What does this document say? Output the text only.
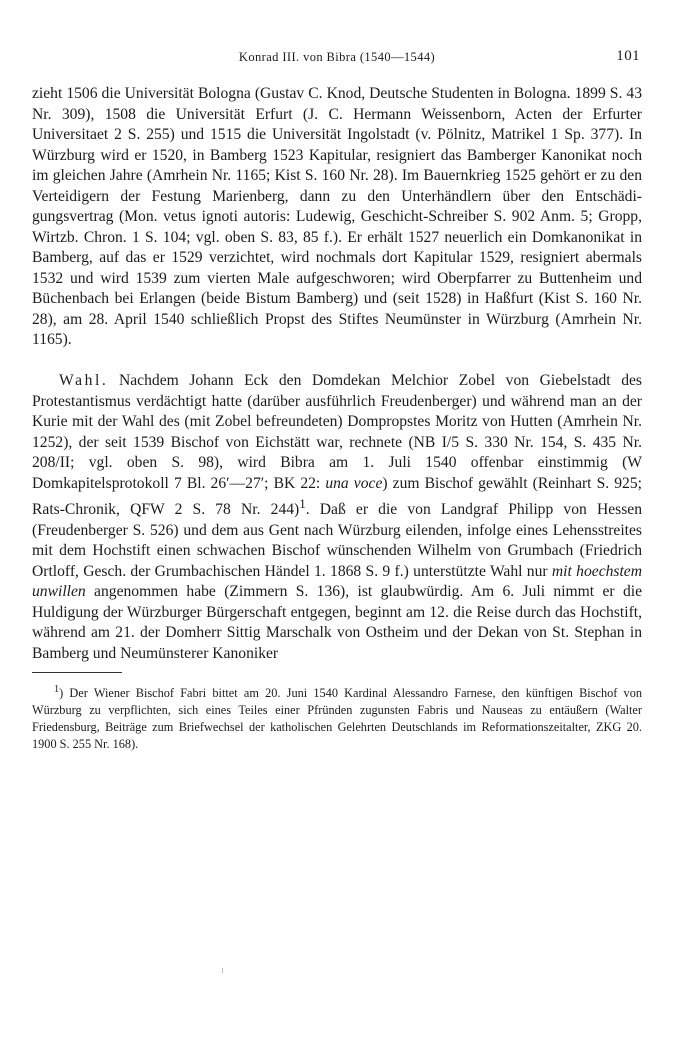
Konrad III. von Bibra (1540—1544)	101

zieht 1506 die Universität Bologna (Gustav C. Knod, Deutsche Studenten in Bologna. 1899 S. 43 Nr. 309), 1508 die Universität Erfurt (J. C. Hermann Weissenborn, Acten der Erfurter Universitaet 2 S. 255) und 1515 die Universität Ingolstadt (v. Pölnitz, Matrikel 1 Sp. 377). In Würzburg wird er 1520, in Bamberg 1523 Kapitular, resigniert das Bamberger Kanonikat noch im gleichen Jahre (Amrhein Nr. 1165; Kist S. 160 Nr. 28). Im Bauernkrieg 1525 gehört er zu den Verteidigern der Festung Marienberg, dann zu den Unterhändlern über den Entschädigungsvertrag (Mon. vetus ignoti autoris: Ludewig, Geschicht-Schreiber S. 902 Anm. 5; Gropp, Wirtzb. Chron. 1 S. 104; vgl. oben S. 83, 85 f.). Er erhält 1527 neuerlich ein Domkanonikat in Bamberg, auf das er 1529 verzichtet, wird nochmals dort Kapitular 1529, resigniert abermals 1532 und wird 1539 zum vierten Male aufgeschworen; wird Oberpfarrer zu Buttenheim und Büchenbach bei Erlangen (beide Bistum Bamberg) und (seit 1528) in Haßfurt (Kist S. 160 Nr. 28), am 28. April 1540 schließlich Propst des Stiftes Neumünster in Würzburg (Amrhein Nr. 1165).

Wahl. Nachdem Johann Eck den Domdekan Melchior Zobel von Giebelstadt des Protestantismus verdächtigt hatte (darüber ausführlich Freudenberger) und während man an der Kurie mit der Wahl des (mit Zobel befreundeten) Dompropstes Moritz von Hutten (Amrhein Nr. 1252), der seit 1539 Bischof von Eichstätt war, rechnete (NB I/5 S. 330 Nr. 154, S. 435 Nr. 208/II; vgl. oben S. 98), wird Bibra am 1. Juli 1540 offenbar einstimmig (W Domkapitelsprotokoll 7 Bl. 26′—27′; BK 22: una voce) zum Bischof gewählt (Reinhart S. 925; Rats-Chronik, QFW 2 S. 78 Nr. 244)$^1$. Daß er die von Landgraf Philipp von Hessen (Freudenberger S. 526) und dem aus Gent nach Würzburg eilenden, infolge eines Lehensstreites mit dem Hochstift einen schwachen Bischof wünschenden Wilhelm von Grumbach (Friedrich Ortloff, Gesch. der Grumbachischen Händel 1. 1868 S. 9 f.) unterstützte Wahl nur mit hoechstem unwillen angenommen habe (Zimmern S. 136), ist glaubwürdig. Am 6. Juli nimmt er die Huldigung der Würzburger Bürgerschaft entgegen, beginnt am 12. die Reise durch das Hochstift, während am 21. der Domherr Sittig Marschalk von Ostheim und der Dekan von St. Stephan in Bamberg und Neumünsterer Kanoniker

$^1$) Der Wiener Bischof Fabri bittet am 20. Juni 1540 Kardinal Alessandro Farnese, den künftigen Bischof von Würzburg zu verpflichten, sich eines Teiles einer Pfründen zugunsten Fabris und Nauseas zu entäußern (Walter Friedensburg, Beiträge zum Briefwechsel der katholischen Gelehrten Deutschlands im Reformationszeitalter, ZKG 20. 1900 S. 255 Nr. 168).
